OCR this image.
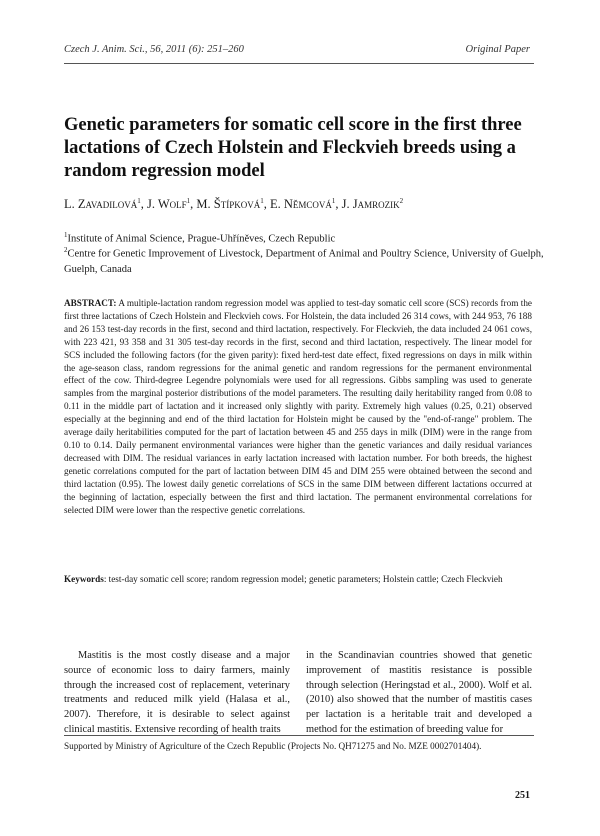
Czech J. Anim. Sci., 56, 2011 (6): 251–260	Original Paper
Genetic parameters for somatic cell score in the first three lactations of Czech Holstein and Fleckvieh breeds using a random regression model
L. Zavadilová$^1$, J. Wolf$^1$, M. Štípková$^1$, E. Němcová$^1$, J. Jamrozik$^2$
$^1$Institute of Animal Science, Prague-Uhříněves, Czech Republic
$^2$Centre for Genetic Improvement of Livestock, Department of Animal and Poultry Science, University of Guelph, Guelph, Canada
ABSTRACT: A multiple-lactation random regression model was applied to test-day somatic cell score (SCS) records from the first three lactations of Czech Holstein and Fleckvieh cows. For Holstein, the data included 26 314 cows, with 244 953, 76 188 and 26 153 test-day records in the first, second and third lactation, respectively. For Fleckvieh, the data included 24 061 cows, with 223 421, 93 358 and 31 305 test-day records in the first, second and third lactation, respectively. The linear model for SCS included the following factors (for the given parity): fixed herd-test date effect, fixed regressions on days in milk within the age-season class, random regressions for the animal genetic and random regressions for the permanent environmental effect of the cow. Third-degree Legendre polynomials were used for all regressions. Gibbs sampling was used to generate samples from the marginal posterior distributions of the model parameters. The resulting daily heritability ranged from 0.08 to 0.11 in the middle part of lactation and it increased only slightly with parity. Extremely high values (0.25, 0.21) observed especially at the beginning and end of the third lactation for Holstein might be caused by the "end-of-range" problem. The average daily heritabilities computed for the part of lactation between 45 and 255 days in milk (DIM) were in the range from 0.10 to 0.14. Daily permanent environmental variances were higher than the genetic variances and daily residual variances decreased with DIM. The residual variances in early lactation increased with lactation number. For both breeds, the highest genetic correlations computed for the part of lactation between DIM 45 and DIM 255 were obtained between the second and third lactation (0.95). The lowest daily genetic correlations of SCS in the same DIM between different lactations occurred at the beginning of lactation, especially between the first and third lactation. The permanent environmental correlations for selected DIM were lower than the respective genetic correlations.
Keywords: test-day somatic cell score; random regression model; genetic parameters; Holstein cattle; Czech Fleckvieh
Mastitis is the most costly disease and a major source of economic loss to dairy farmers, mainly through the increased cost of replacement, veterinary treatments and reduced milk yield (Halasa et al., 2007). Therefore, it is desirable to select against clinical mastitis. Extensive recording of health traits
in the Scandinavian countries showed that genetic improvement of mastitis resistance is possible through selection (Heringstad et al., 2000). Wolf et al. (2010) also showed that the number of mastitis cases per lactation is a heritable trait and developed a method for the estimation of breeding value for
Supported by Ministry of Agriculture of the Czech Republic (Projects No. QH71275 and No. MZE 0002701404).
251
